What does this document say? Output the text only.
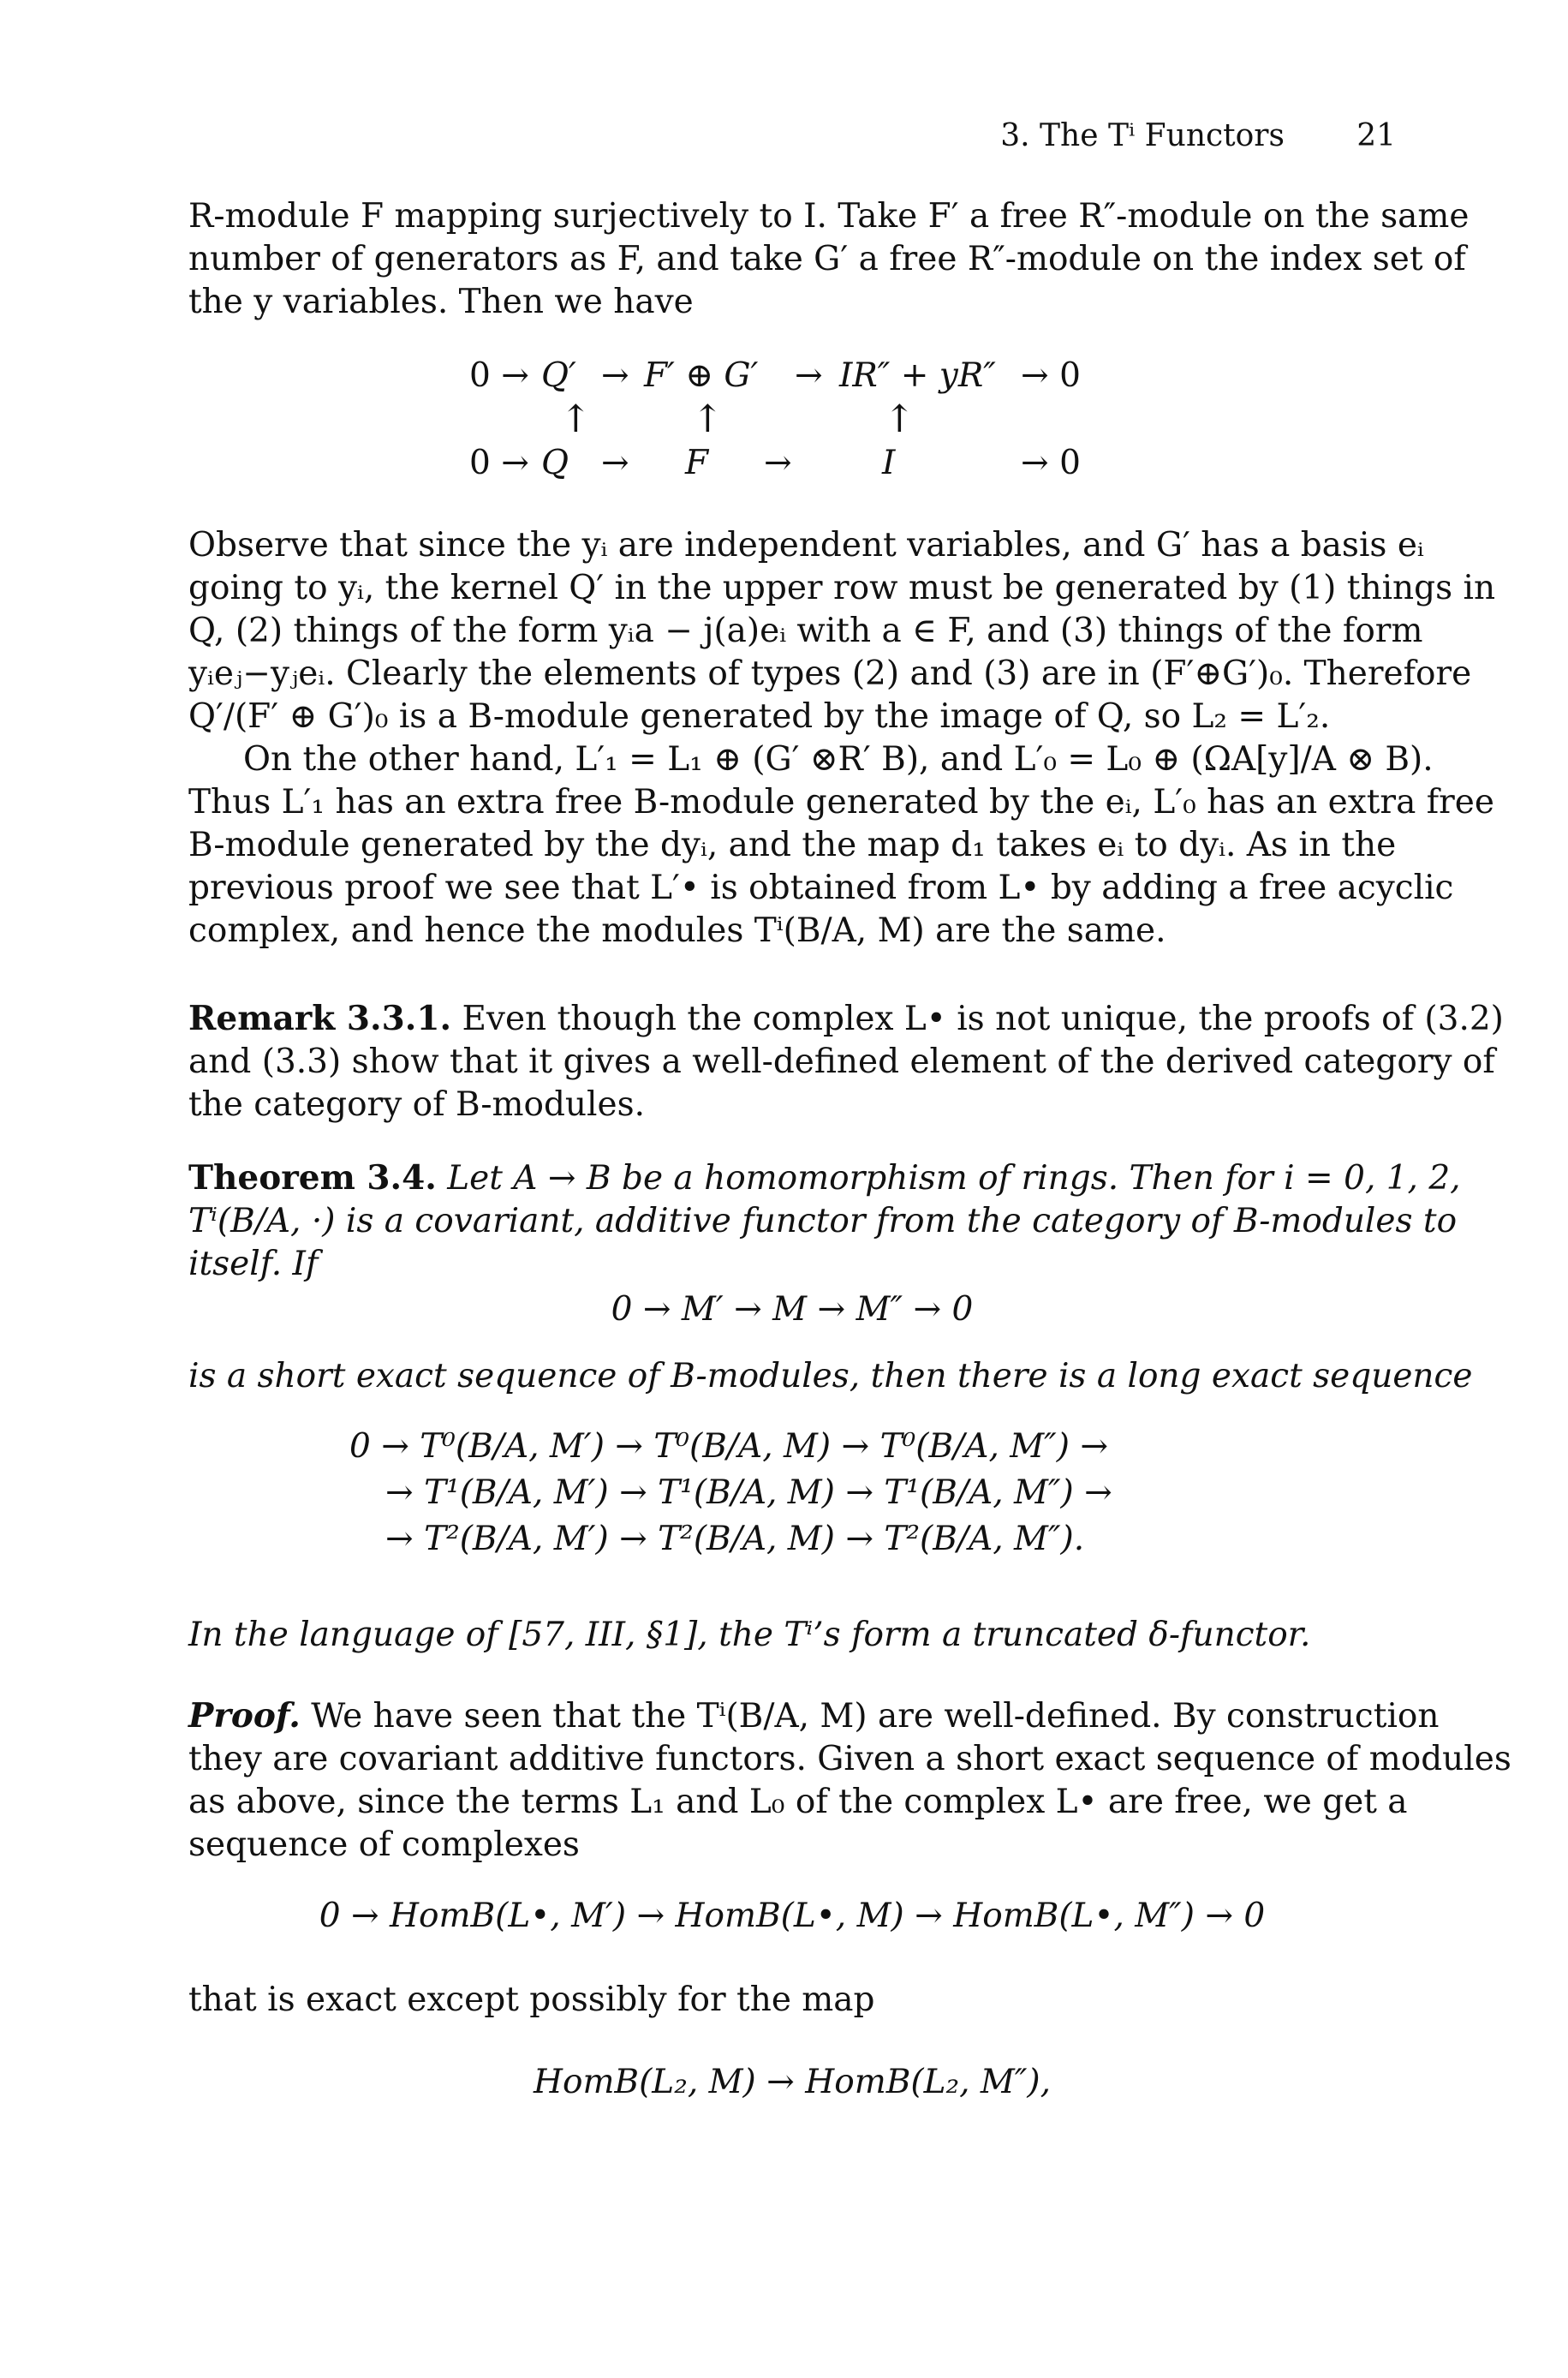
3. The Tⁱ Functors 21
R-module F mapping surjectively to I. Take F′ a free R″-module on the same
number of generators as F, and take G′ a free R″-module on the index set of
the y variables. Then we have
0 → Q′ → F′ ⊕ G′ → IR″ + yR″ → 0
↑	↑	↑
0 → Q → F →	I	→ 0
Observe that since the yᵢ are independent variables, and G′ has a basis eᵢ
going to yᵢ, the kernel Q′ in the upper row must be generated by (1) things in
Q, (2) things of the form yᵢa − j(a)eᵢ with a ∈ F, and (3) things of the form
yᵢeⱼ−yⱼeᵢ. Clearly the elements of types (2) and (3) are in (F′⊕G′)₀. Therefore
Q′/(F′ ⊕ G′)₀ is a B-module generated by the image of Q, so L₂ = L′₂.
On the other hand, L′₁ = L₁ ⊕ (G′ ⊗R′ B), and L′₀ = L₀ ⊕ (ΩA[y]/A ⊗ B).
Thus L′₁ has an extra free B-module generated by the eᵢ, L′₀ has an extra free
B-module generated by the dyᵢ, and the map d₁ takes eᵢ to dyᵢ. As in the
previous proof we see that L′• is obtained from L• by adding a free acyclic
complex, and hence the modules Tⁱ(B/A, M) are the same.
Remark 3.3.1. Even though the complex L• is not unique, the proofs of (3.2)
and (3.3) show that it gives a well-defined element of the derived category of
the category of B-modules.
Theorem 3.4. Let A → B be a homomorphism of rings. Then for i = 0, 1, 2,
Tⁱ(B/A, ·) is a covariant, additive functor from the category of B-modules to
itself. If
0 → M′ → M → M″ → 0
is a short exact sequence of B-modules, then there is a long exact sequence
0 → T⁰(B/A, M′) → T⁰(B/A, M) → T⁰(B/A, M″) →
→ T¹(B/A, M′) → T¹(B/A, M) → T¹(B/A, M″) →
→ T²(B/A, M′) → T²(B/A, M) → T²(B/A, M″).
In the language of [57, III, §1], the Tⁱ’s form a truncated δ-functor.
Proof. We have seen that the Tⁱ(B/A, M) are well-defined. By construction
they are covariant additive functors. Given a short exact sequence of modules
as above, since the terms L₁ and L₀ of the complex L• are free, we get a
sequence of complexes
0 → HomB(L•, M′) → HomB(L•, M) → HomB(L•, M″) → 0
that is exact except possibly for the map
HomB(L₂, M) → HomB(L₂, M″),
